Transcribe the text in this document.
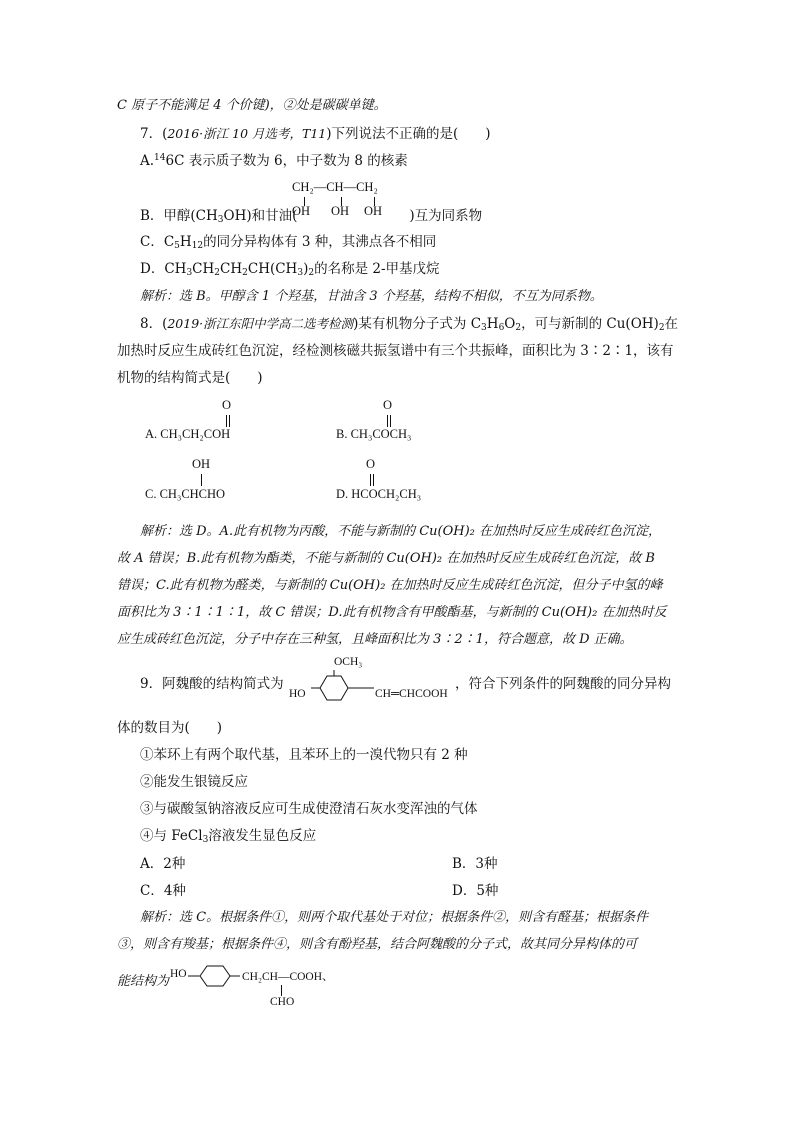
C 原子不能满足 4 个价键)，②处是碳碳单键。
7．(2016·浙江 10 月选考，T11)下列说法不正确的是(　　)
A.$^{14}$6C 表示质子数为 6，中子数为 8 的核素
CH₂—CH—CH₂
B．甲醇$(CH_3OH)$和甘油(	)互为同系物
OH OH OH
C．$C_5H_{12}$的同分异构体有 3 种，其沸点各不相同
D．$CH_3CH_2CH_2CH(CH_3)_2$的名称是 2-甲基戊烷
解析：选 B。甲醇含 1 个羟基，甘油含 3 个羟基，结构不相似，不互为同系物。
8．(2019·浙江东阳中学高二选考检测)某有机物分子式为 $C_3H_6O_2$，可与新制的 $Cu(OH)_2$在
加热时反应生成砖红色沉淀，经检测核磁共振氢谱中有三个共振峰，面积比为 3∶2∶1，该有
机物的结构简式是(　　)
O
A. CH₃CH₂COH
O
B. CH₃COCH₃
OH
C. CH₃CHCHO
O
D. HCOCH₂CH₃
解析：选 D。A.此有机物为丙酸，不能与新制的 Cu(OH)₂ 在加热时反应生成砖红色沉淀，
故 A 错误；B.此有机物为酯类，不能与新制的 Cu(OH)₂ 在加热时反应生成砖红色沉淀，故 B
错误；C.此有机物为醛类，与新制的 Cu(OH)₂ 在加热时反应生成砖红色沉淀，但分子中氢的峰
面积比为 3∶1∶1∶1，故 C 错误；D.此有机物含有甲酸酯基，与新制的 Cu(OH)₂ 在加热时反
应生成砖红色沉淀，分子中存在三种氢，且峰面积比为 3∶2∶1，符合题意，故 D 正确。
9．阿魏酸的结构简式为
OCH₃
HO	CH═CHCOOH
，符合下列条件的阿魏酸的同分异构
体的数目为(　　)
①苯环上有两个取代基，且苯环上的一溴代物只有 2 种
②能发生银镜反应
③与碳酸氢钠溶液反应可生成使澄清石灰水变浑浊的气体
④与 FeCl$_3$溶液发生显色反应
A．2种	B．3种
C．4种	D．5种
解析：选 C。根据条件①，则两个取代基处于对位；根据条件②，则含有醛基；根据条件
③，则含有羧基；根据条件④，则含有酚羟基，结合阿魏酸的分子式，故其同分异构体的可
能结构为 HO	CH₂CH—COOH、
CHO
